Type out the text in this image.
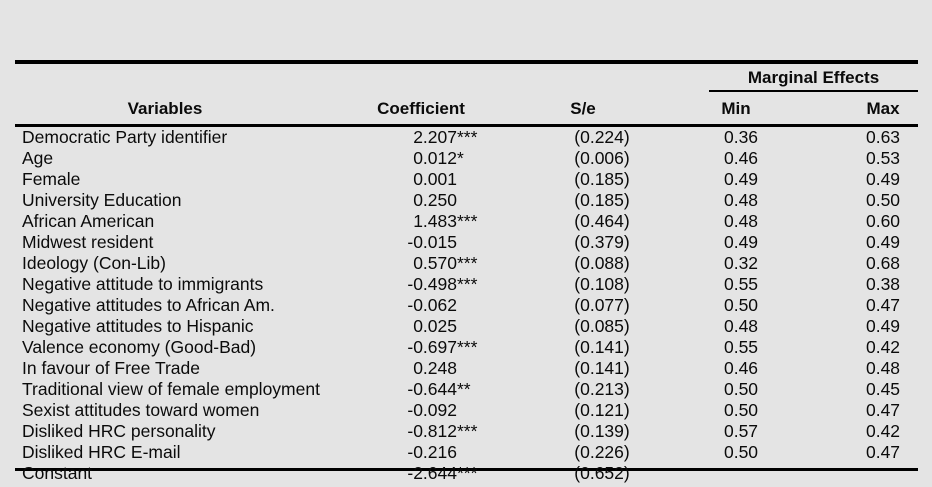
Marginal Effects
Variables	Coefficient	S/e	Min	Max
Democratic Party identifier	2.207***	(0.224)	0.36	0.63
Age	0.012*	(0.006)	0.46	0.53
Female	0.001	(0.185)	0.49	0.49
University Education	0.250	(0.185)	0.48	0.50
African American	1.483***	(0.464)	0.48	0.60
Midwest resident	-0.015	(0.379)	0.49	0.49
Ideology (Con-Lib)	0.570***	(0.088)	0.32	0.68
Negative attitude to immigrants	-0.498***	(0.108)	0.55	0.38
Negative attitudes to African Am.	-0.062	(0.077)	0.50	0.47
Negative attitudes to Hispanic	0.025	(0.085)	0.48	0.49
Valence economy (Good-Bad)	-0.697***	(0.141)	0.55	0.42
In favour of Free Trade	0.248	(0.141)	0.46	0.48
Traditional view of female employment	-0.644**	(0.213)	0.50	0.45
Sexist attitudes toward women	-0.092	(0.121)	0.50	0.47
Disliked HRC personality	-0.812***	(0.139)	0.57	0.42
Disliked HRC E-mail	-0.216	(0.226)	0.50	0.47
Constant	-2.644***	(0.652)
